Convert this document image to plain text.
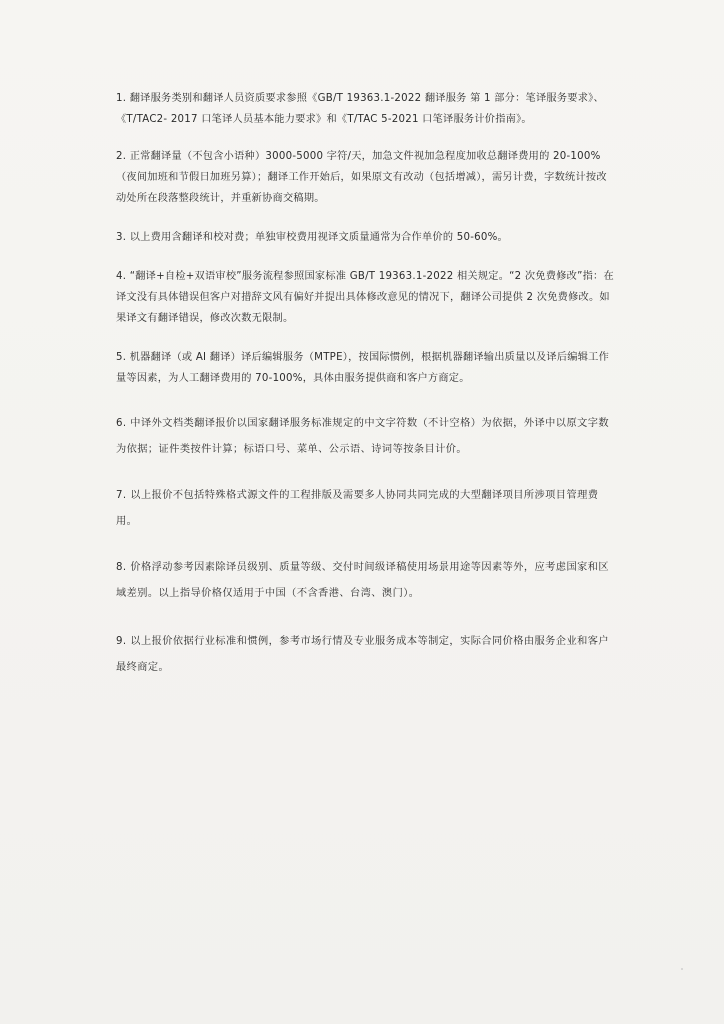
1. 翻译服务类别和翻译人员资质要求参照《GB/T 19363.1-2022 翻译服务 第 1 部分：笔译服务要求》、《T/TAC2- 2017 口笔译人员基本能力要求》和《T/TAC 5-2021 口笔译服务计价指南》。

2. 正常翻译量（不包含小语种）3000-5000 字符/天，加急文件视加急程度加收总翻译费用的 20-100%（夜间加班和节假日加班另算）；翻译工作开始后，如果原文有改动（包括增减），需另计费，字数统计按改动处所在段落整段统计，并重新协商交稿期。

3. 以上费用含翻译和校对费；单独审校费用视译文质量通常为合作单价的 50-60%。

4. “翻译+自检+双语审校”服务流程参照国家标准 GB/T 19363.1-2022 相关规定。“2 次免费修改”指：在译文没有具体错误但客户对措辞文风有偏好并提出具体修改意见的情况下，翻译公司提供 2 次免费修改。如果译文有翻译错误，修改次数无限制。

5. 机器翻译（或 AI 翻译）译后编辑服务（MTPE），按国际惯例，根据机器翻译输出质量以及译后编辑工作量等因素，为人工翻译费用的 70-100%，具体由服务提供商和客户方商定。

6. 中译外文档类翻译报价以国家翻译服务标准规定的中文字符数（不计空格）为依据，外译中以原文字数为依据；证件类按件计算；标语口号、菜单、公示语、诗词等按条目计价。

7. 以上报价不包括特殊格式源文件的工程排版及需要多人协同共同完成的大型翻译项目所涉项目管理费用。

8. 价格浮动参考因素除译员级别、质量等级、交付时间级译稿使用场景用途等因素等外，应考虑国家和区域差别。以上指导价格仅适用于中国（不含香港、台湾、澳门）。

9. 以上报价依据行业标准和惯例，参考市场行情及专业服务成本等制定，实际合同价格由服务企业和客户最终商定。
